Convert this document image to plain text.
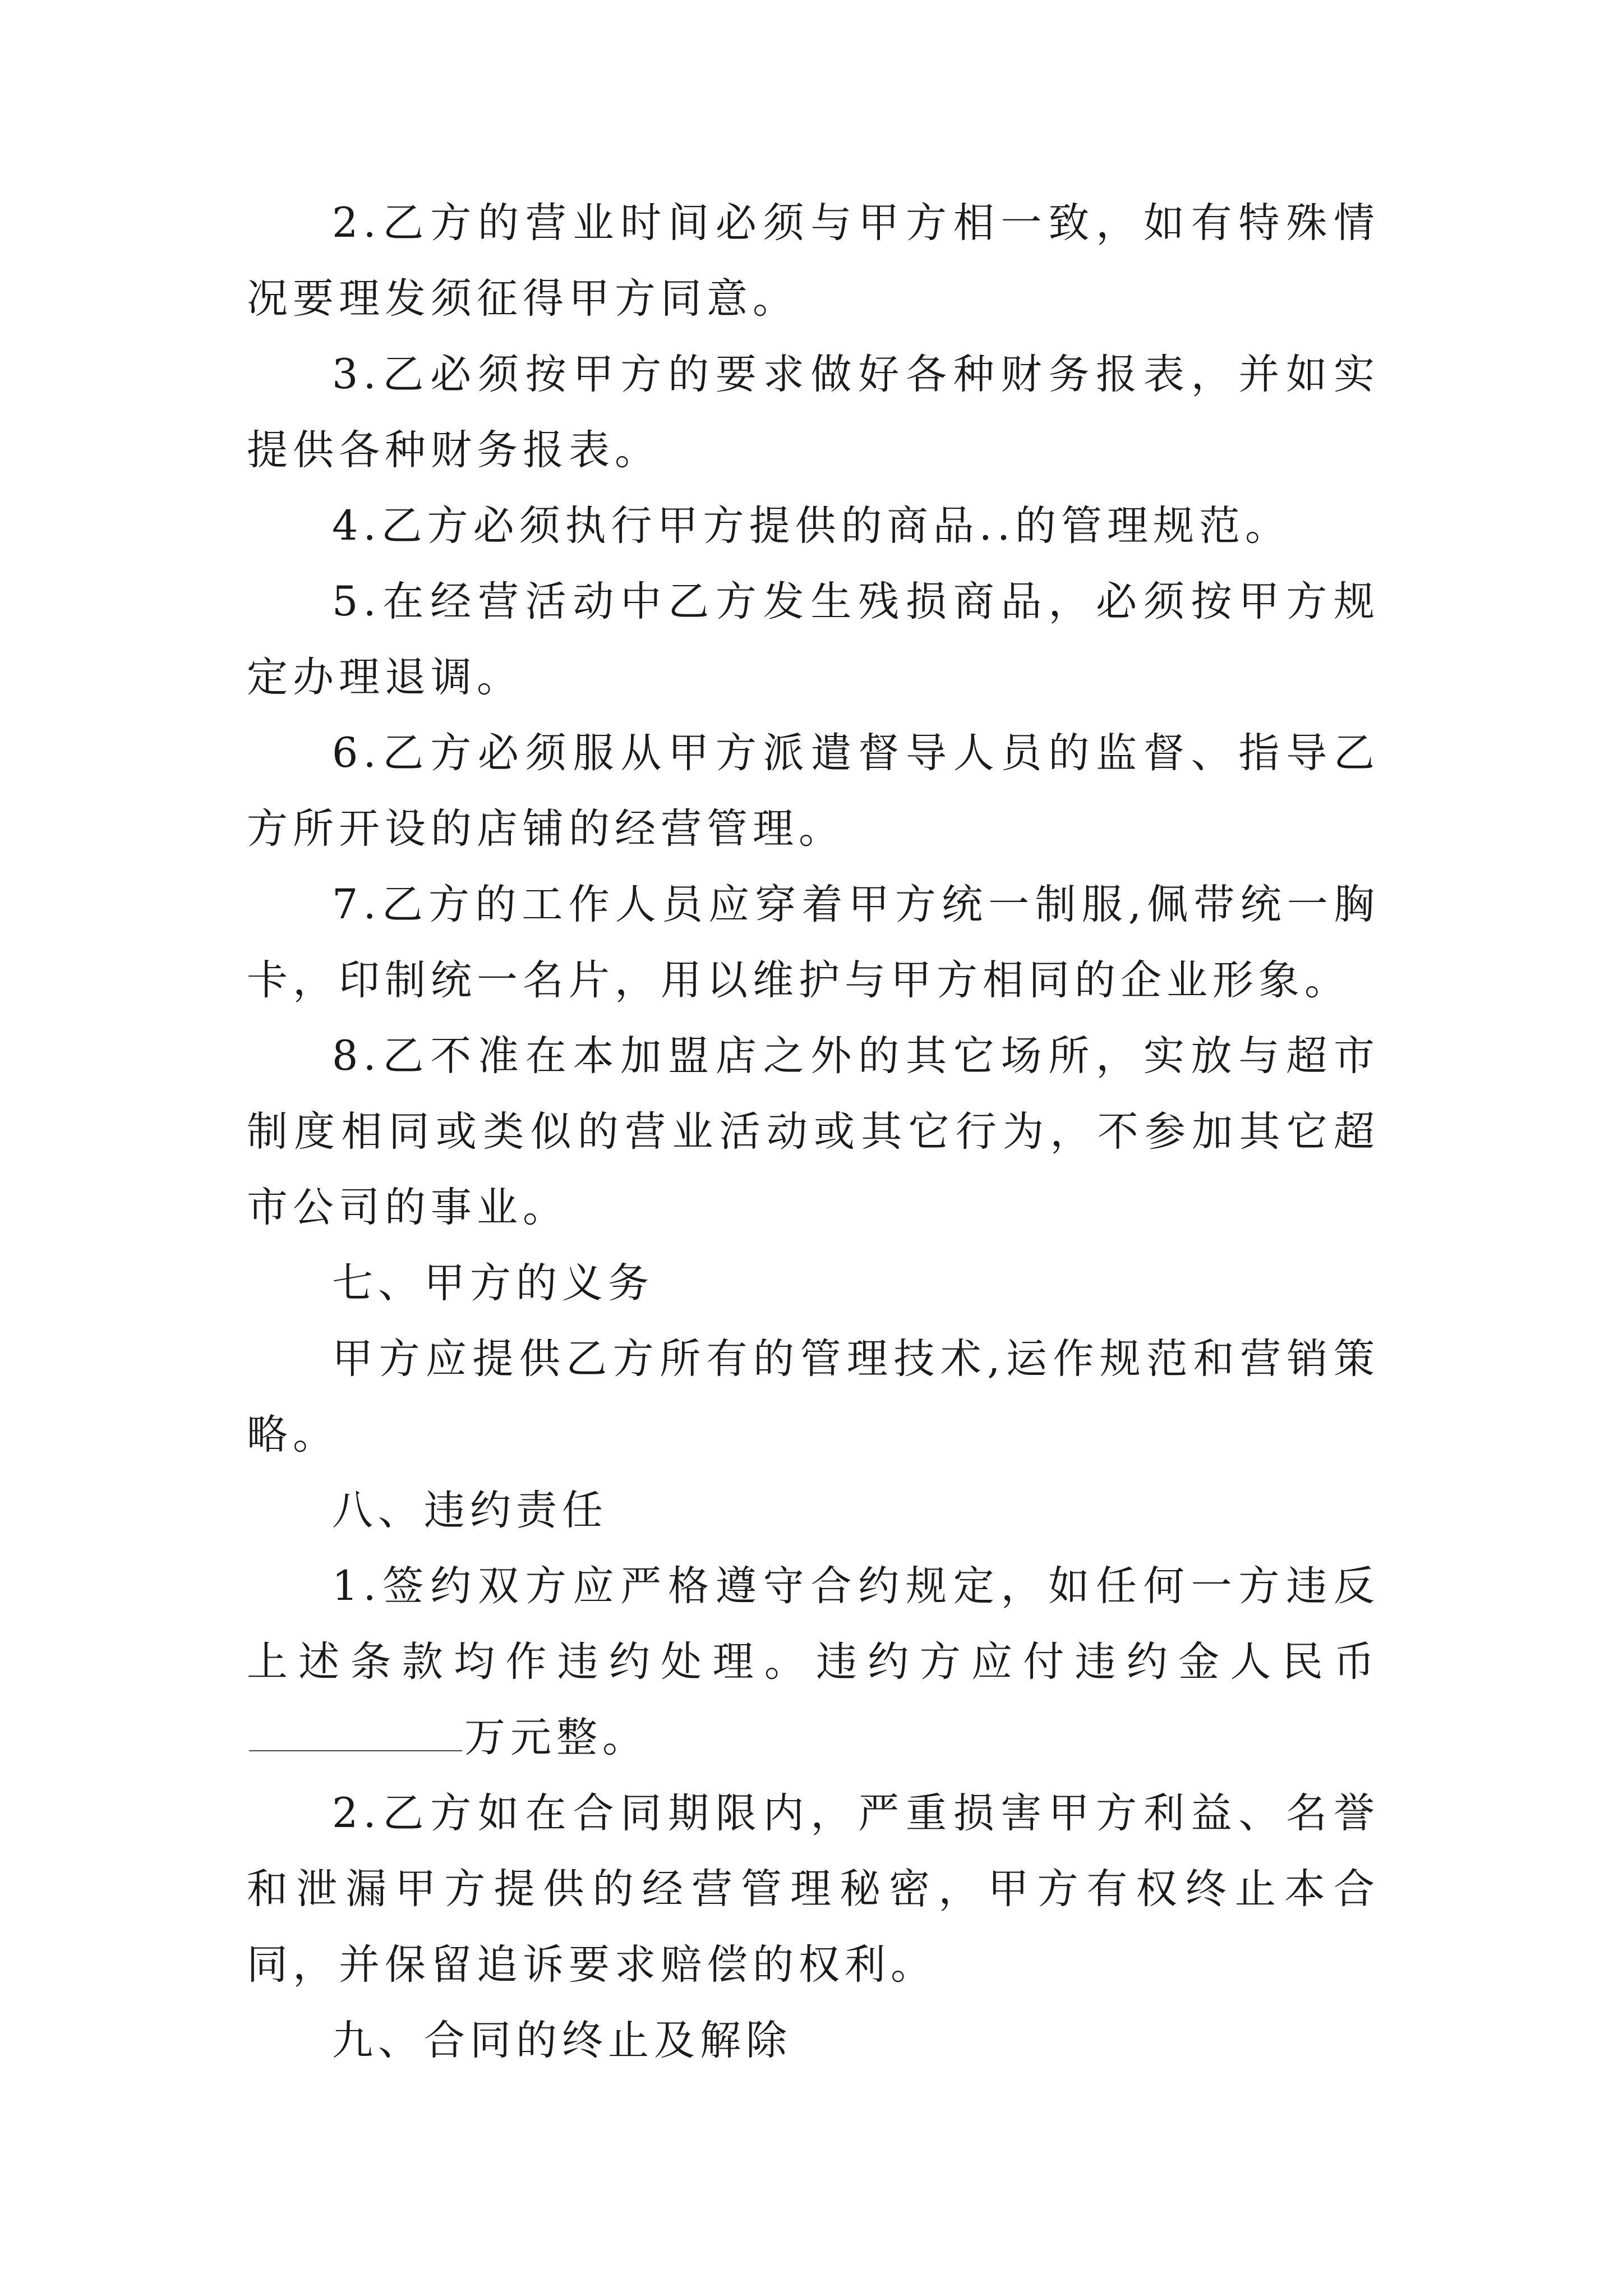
2.乙方的营业时间必须与甲方相一致，如有特殊情况要理发须征得甲方同意。

3.乙必须按甲方的要求做好各种财务报表，并如实提供各种财务报表。

4.乙方必须执行甲方提供的商品..的管理规范。

5.在经营活动中乙方发生残损商品，必须按甲方规定办理退调。

6.乙方必须服从甲方派遣督导人员的监督、指导乙方所开设的店铺的经营管理。

7.乙方的工作人员应穿着甲方统一制服,佩带统一胸卡，印制统一名片，用以维护与甲方相同的企业形象。

8.乙不准在本加盟店之外的其它场所，实放与超市制度相同或类似的营业活动或其它行为，不参加其它超市公司的事业。

七、甲方的义务

甲方应提供乙方所有的管理技术,运作规范和营销策略。

八、违约责任

1.签约双方应严格遵守合约规定，如任何一方违反上述条款均作违约处理。违约方应付违约金人民币万元整。

2.乙方如在合同期限内，严重损害甲方利益、名誉和泄漏甲方提供的经营管理秘密，甲方有权终止本合同，并保留追诉要求赔偿的权利。

九、合同的终止及解除
